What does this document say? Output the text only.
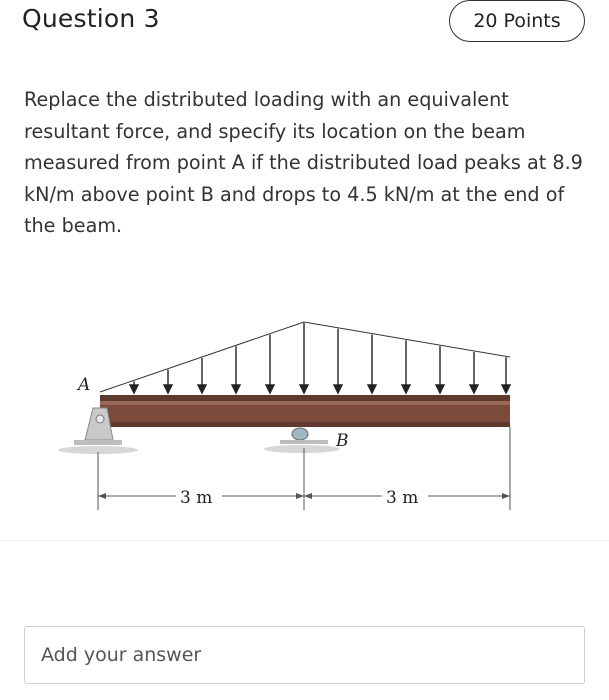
Question 3	20 Points
Replace the distributed loading with an equivalent resultant force, and specify its location on the beam measured from point A if the distributed load peaks at 8.9 kN/m above point B and drops to 4.5 kN/m at the end of the beam.
A
B
3 m	3 m
Add your answer
